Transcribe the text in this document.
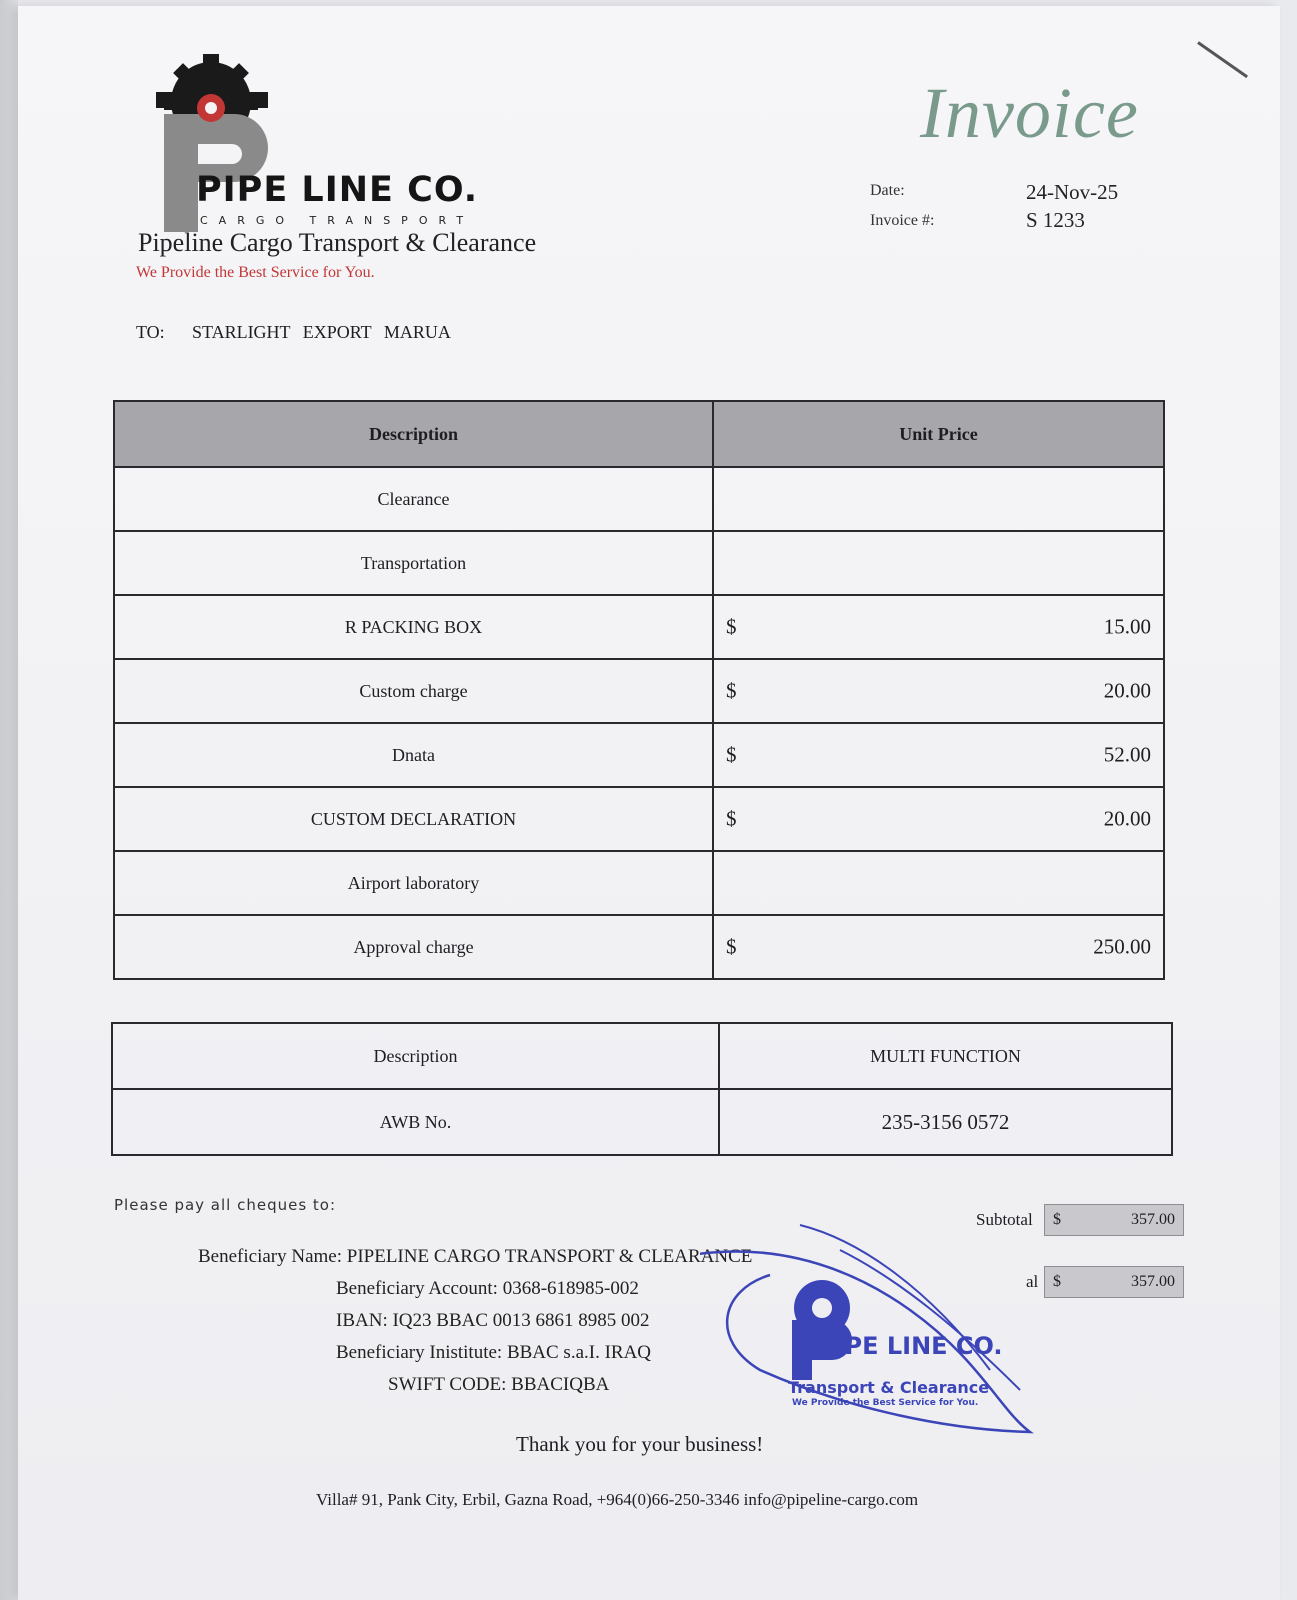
PIPE LINE CO.
CARGO TRANSPORT
Pipeline Cargo Transport & Clearance
We Provide the Best Service for You.
Invoice
Date:	24-Nov-25
Invoice #:	S 1233
TO: STARLIGHT EXPORT MARUA
Description	Unit Price
Clearance	

Transportation	

R PACKING BOX	$ 15.00

Custom charge	$ 20.00

Dnata	$ 52.00

CUSTOM DECLARATION	$ 20.00

Airport laboratory	

Approval charge	$ 250.00
Description	MULTI FUNCTION
AWB No.	235-3156 0572
Please pay all cheques to:
Beneficiary Name: PIPELINE CARGO TRANSPORT & CLEARANCE
Beneficiary Account: 0368-618985-002
IBAN: IQ23 BBAC 0013 6861 8985 002
Beneficiary Inistitute: BBAC s.a.I. IRAQ
SWIFT CODE: BBACIQBA
Subtotal $	357.00
al $	357.00
PIPE LINE CO.
Transport & Clearance
We Provide the Best Service for You.
Thank you for your business!
Villa# 91, Pank City, Erbil, Gazna Road, +964(0)66-250-3346 info@pipeline-cargo.com
